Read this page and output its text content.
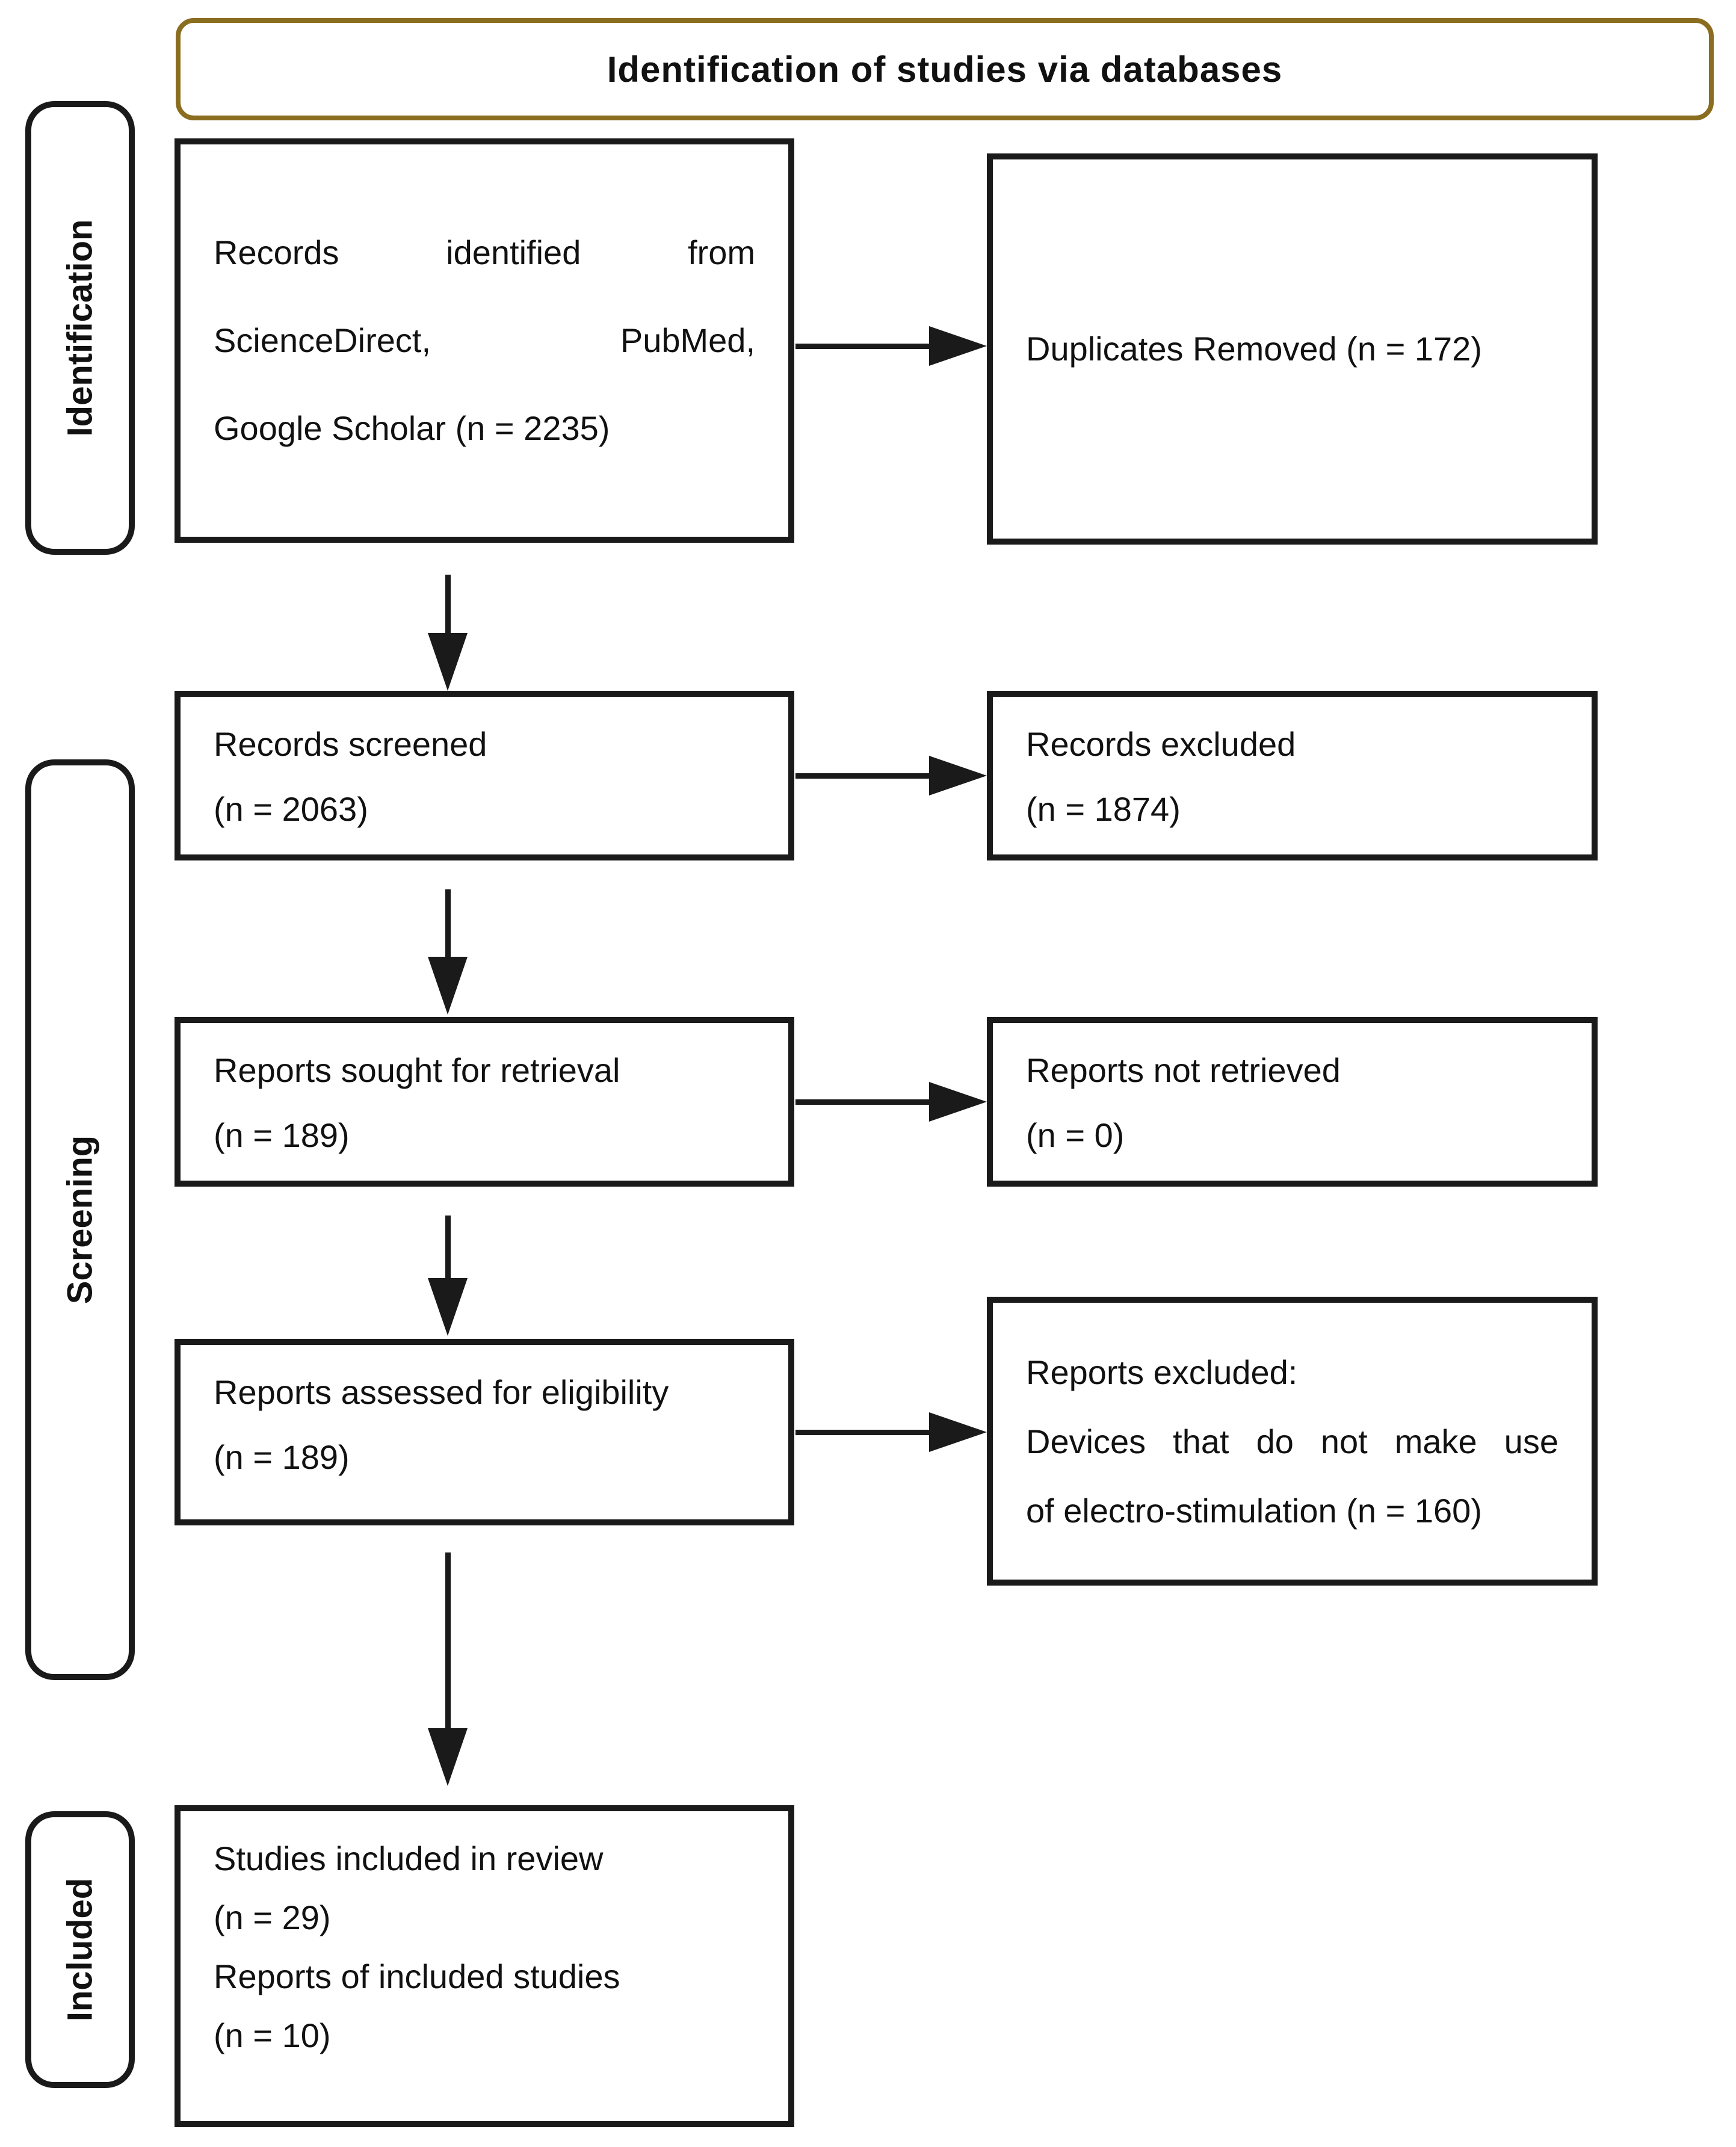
Identification of studies via databases
Identification
Screening
Included
Records	identified	from
ScienceDirect,	PubMed,
Google Scholar (n = 2235)
Duplicates Removed (n = 172)
Records screened
(n = 2063)
Records excluded
(n = 1874)
Reports sought for retrieval
(n = 189)
Reports not retrieved
(n = 0)
Reports assessed for eligibility
(n = 189)
Reports excluded:
Devices that do not make use
of electro-stimulation (n = 160)
Studies included in review
(n = 29)
Reports of included studies
(n = 10)
